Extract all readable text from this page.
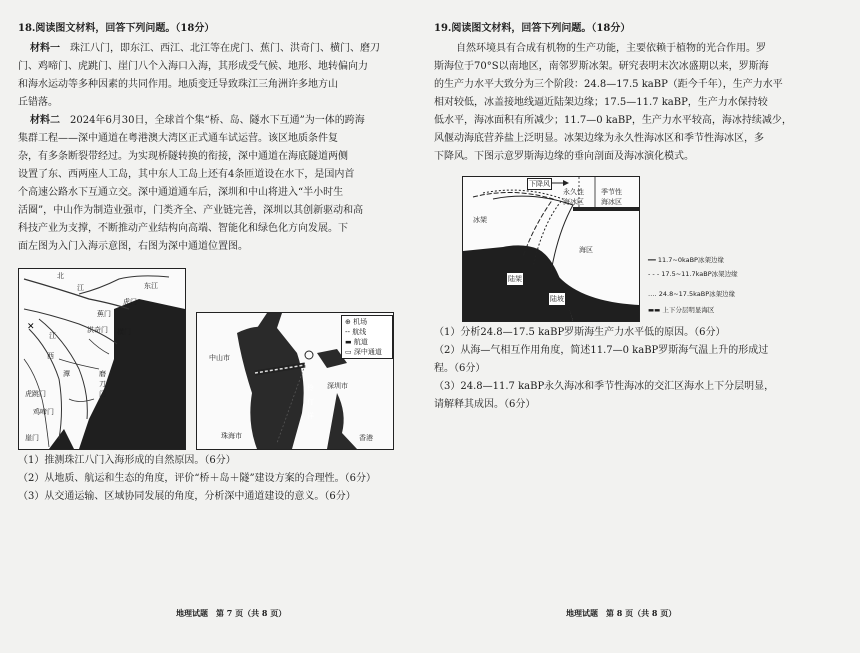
18.阅读图文材料，回答下列问题。（18分）
材料一　 珠江八门，即东江、西江、北江等在虎门、蕉门、洪奇门、横门、磨刀
门、鸡啼门、虎跳门、崖门八个入海口入海，其形成受气候、地形、地转偏向力
和海水运动等多种因素的共同作用。地质变迁导致珠江三角洲许多地方山
丘错落。
材料二　 2024年6月30日，全球首个集“桥、岛、隧水下互通”为一体的跨海
集群工程——深中通道在粤港澳大湾区正式通车试运营。该区地质条件复
杂，有多条断裂带经过。为实现桥隧转换的衔接，深中通道在海底隧道两侧
设置了东、西两座人工岛，其中东人工岛上还有4条匝道设在水下，是国内首
个高速公路水下互通立交。深中通道通车后，深圳和中山将进入“半小时生
活圈”，中山作为制造业强市，门类齐全、产业链完善，深圳以其创新驱动和高
科技产业为支撑，不断推动产业结构向高端、智能化和绿色化方向发展。下
面左图为入门入海示意图，右图为深中通道位置图。
✕
北
江	东江
蕉门
虎门
横门
洪奇门
磨
刀
门
虎跳门
鸡啼门
崖门
江
西
潭
中山市
深圳市
珠海市	香港
伶
仃
洋
⊕ 机场
-- 航线
▬ 航道
▭ 深中通道
（1）推测珠江八门入海形成的自然原因。（6分）
（2）从地质、航运和生态的角度，评价“桥＋岛＋隧”建设方案的合理性。（6分）
（3）从交通运输、区域协同发展的角度，分析深中通道建设的意义。（6分）
地理试题　第 7 页（共 8 页）
19.阅读图文材料，回答下列问题。（18分）
自然环境具有合成有机物的生产功能，主要依赖于植物的光合作用。罗
斯海位于70°S以南地区，南邻罗斯冰架。研究表明末次冰盛期以来，罗斯海
的生产力水平大致分为三个阶段：24.8—17.5 kaBP（距今千年），生产力水平
相对较低，冰盖接地线逼近陆架边缘；17.5—11.7 kaBP，生产力水保持较
低水平，海冰面积有所减少；11.7—0 kaBP，生产力水平较高，海冰持续减少，
风偃动海底营养盐上泛明显。冰架边缘为永久性海冰区和季节性海冰区，多
下降风。下图示意罗斯海边缘的垂向剖面及海冰演化模式。
下降风
永久性
海冰区
季节性
海冰区
冰架
海区
陆架
陆坡
━━ 11.7~0kaBP冰架边缘
- - - 17.5~11.7kaBP冰架边缘
‥‥ 24.8~17.5kaBP冰架边缘
▬▬ 上下分层明显海区
（1）分析24.8—17.5 kaBP罗斯海生产力水平低的原因。（6分）
（2）从海—气相互作用角度，简述11.7—0 kaBP罗斯海气温上升的形成过
程。（6分）
（3）24.8—11.7 kaBP永久海冰和季节性海冰的交汇区海水上下分层明显，
请解释其成因。（6分）
地理试题　第 8 页（共 8 页）
